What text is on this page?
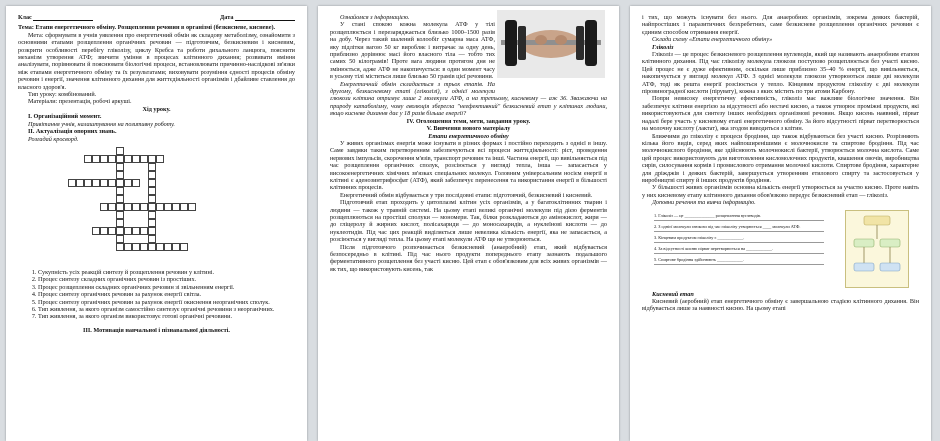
Клас	Дата

Тема: Етапи енергетичного обміну. Розщеплення речовин в організмі (безкисневе, кисневе).

Мета: сформувати в учнів уявлення про енергетичний обмін як складову метаболізму, ознайомити з основними етапами розщеплення органічних речовин — підготовчим, безкисневим і кисневим, розкрити особливості перебігу гліколізу, циклу Кребса та роботи дихального ланцюга, пояснити механізм утворення АТФ; звичити уміння в процесах клітинного дихання; розвивати вміння аналізувати, порівнювати й пояснювати біологічні процеси, встановлювати причинно-наслідкові зв'язки між етапами енергетичного обміну та їх результатами; виховувати розуміння єдності процесів обміну речовин і енергії, значення клітинного дихання для життєдіяльності організмів і дбайливе ставлення до власного здоров'я.

Тип уроку: комбінований.

Матеріали: презентація, робочі аркуші.

Хід уроку.

І. Організаційний момент.

Привітання учнів, налаштування на позитивну роботу.

ІІ. Актуалізація опорних знань.

Розгадай кросворд.

1. Сукупність усіх реакцій синтезу й розщеплення речовин у клітині.
2. Процес синтезу складних органічних речовин із простіших.
3. Процес розщеплення складних органічних речовин зі звільненням енергії.
4. Процес синтезу органічних речовин за рахунок енергії світла.
5. Процес синтезу органічних речовин за рахунок енергії окиснення неорганічних сполук.
6. Тип живлення, за якого організм самостійно синтезує органічні речовини з неорганічних.
7. Тип живлення, за якого організм використовує готові органічні речовини.

ІІІ. Мотивація навчальної і пізнавальної діяльності.

Ознайомся з інформацією.

У стані спокою кожна молекула АТФ у тілі розщеплюється і перезаряджається близько 1000–1500 разів на добу. Через такий шалений колообіг сумарна маса АТФ, яку підлітки вагою 50 кг виробляє і витрачає за одну день, приблизно дорівнює масі його власного тіла — тобто тих самих 50 кілограмів! Проте вага людини протягом дня не змінюється, адже АТФ не накопичується: в один момент часу в усьому тілі міститься лише близько 50 грамів цієї речовини.

Енергетичний обмін складається з трьох етапів. На другому, безкисневому етапі (гліколізі), з однієї молекули глюкози клітина отримує лише 2 молекули АТФ, а на третьому, кисневому — аж 36. Зважаючи на природу катаболізму, чому еволюція зберегла "неефективний" безкисневий етап у клітинах людини, якщо кисневе дихання дає у 18 разів більше енергії?

IV. Оголошення теми, мети, завдання уроку.

V. Вивчення нового матеріалу

Етапи енергетичного обміну

У живих організмах енергія може існувати в різних формах і постійно переходить з однієї в іншу. Саме завдяки таким перетворенням забезпечуються всі процеси життєдіяльності: ріст, проведення нервових імпульсів, скорочення м'язів, транспорт речовин та інші. Частина енергії, що вивільняється під час розщеплення органічних сполук, розсіюється у вигляді тепла, інша — запасається у високоенергетичних хімічних зв'язках спеціальних молекул. Головним універсальним носієм енергії в клітині є аденозинтрифосфат (АТФ), який забезпечує перенесення та використання енергії в більшості клітинних процесів.

Енергетичний обмін відбувається у три послідовні етапи: підготовчий, безкисневий і кисневий.

Підготовчий етап проходить у цитоплазмі клітин усіх організмів, а у багатоклітинних тварин і людини — також у травній системі. На цьому етапі великі органічні молекули під дією ферментів розщеплюються на простіші сполуки — мономери. Так, білки розкладаються до амінокислот, жири — до гліцеролу й жирних кислот, полісахариди — до моносахаридів, а нуклеїнові кислоти — до нуклеотидів. Під час цих реакцій виділяється лише невелика кількість енергії, яка не запасається, а розсіюється у вигляді тепла. На цьому етапі молекули АТФ ще не утворюються.

Після підготовчого розпочинається безкисневий (анаеробний) етап, який відбувається безпосередньо в клітині. Під час нього продукти попереднього етапу зазнають подальшого ферментативного розщеплення без участі кисню. Цей етап є обов'язковим для всіх живих організмів — як тих, що використовують кисень, так

і тих, що можуть існувати без нього. Для анаеробних організмів, зокрема деяких бактерій, найпростіших і паразитичних безхребетних, саме безкисневе розщеплення органічних речовин є єдиним способом отримання енергії.

Склади схему «Етапи енергетичного обміну»

Гліколіз

Гліколіз — це процес безкисневого розщеплення вуглеводів, який ще називають анаеробним етапом клітинного дихання. Під час гліколізу молекула глюкози поступово розщеплюється без участі кисню. Цей процес не є дуже ефективним, оскільки лише приблизно 35–40 % енергії, що вивільняється, накопичується у вигляді молекул АТФ. З однієї молекули глюкози утворюються лише дві молекули АТФ, тоді як решта енергії розсіюється у тепло. Кінцевим продуктом гліколізу є дві молекули піровиноградної кислоти (пірувату), кожна з яких містить по три атоми Карбону.

Попри невисоку енергетичну ефективність, гліколіз має важливе біологічне значення. Він забезпечує клітини енергією за відсутності або нестачі кисню, а також утворює проміжні продукти, які використовуються для синтезу інших необхідних організмові речовин. Якщо кисень наявний, пірват надалі бере участь у кисневому етапі енергетичного обміну. За його відсутності пірват перетворюється на молочну кислоту (лактат), яка згодом виводиться з клітин.

Ближчими до гліколізу є процеси бродіння, що також відбуваються без участі кисню. Розрізняють кілька його видів, серед яких найпоширенішими є молочнокисле та спиртове бродіння. Під час молочнокислого бродіння, яке здійснюють молочнокислі бактерії, утворюється молочна кислота. Саме цей процес використовують для виготовлення кисломолочних продуктів, квашення овочів, виробництва сирів, силосування кормів і промислового отримання молочної кислоти. Спиртове бродіння, характерне для дріжджів і деяких бактерій, завершується утворенням етилового спирту та застосовується у виробництві спирту й інших продуктів бродіння.

У більшості живих організмів основна кількість енергії утворюється за участю кисню. Проте навіть у них кисневому етапу клітинного дихання обов'язково передує безкисневий етап — гліколіз.

Доповни речення та вивчи інформацію.

1. Гліколіз — це ______________ розщеплення вуглеводів.
2. З однієї молекули глюкози під час гліколізу утворюється ____ молекули АТФ.
3. Кінцевим продуктом гліколізу є ____________.
4. За відсутності кисню пірват перетворюється на ____________.
5. Спиртове бродіння здійснюють ____________.

Кисневий етап

Кисневий (аеробний) етап енергетичного обміну є завершальною стадією клітинного дихання. Він відбувається лише за наявності кисню. На цьому етапі
